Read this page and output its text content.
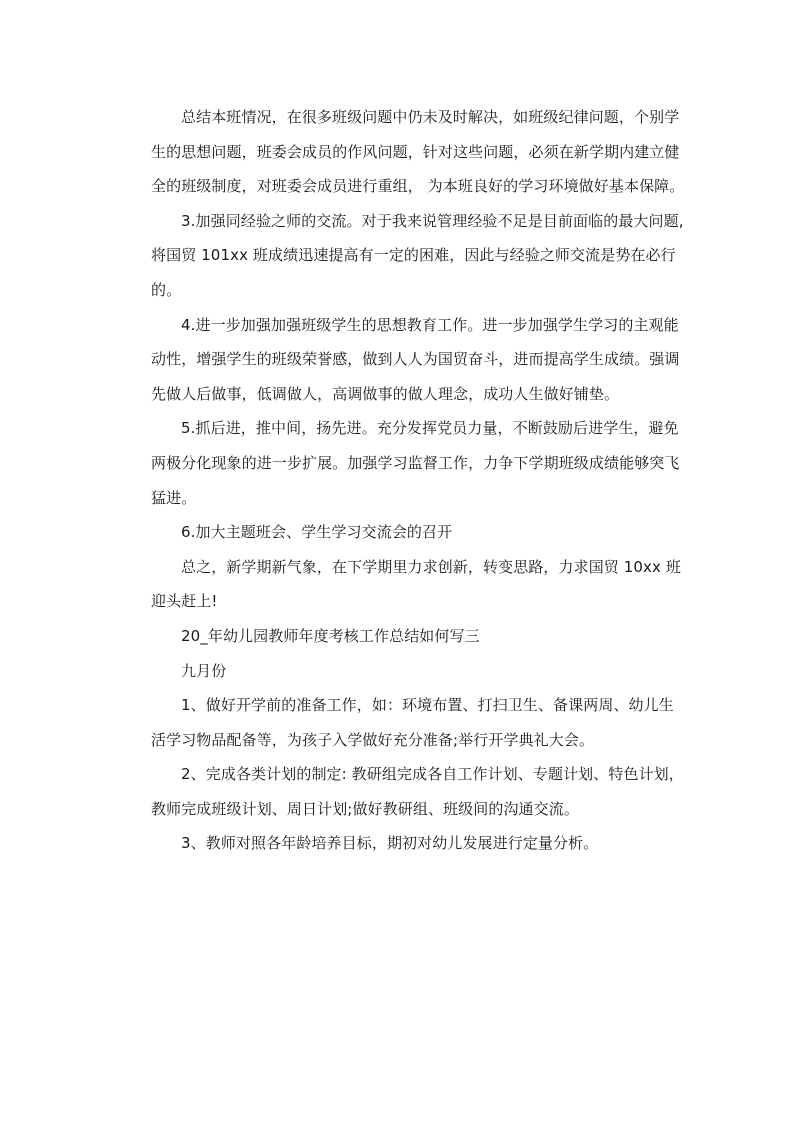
总结本班情况，在很多班级问题中仍未及时解决，如班级纪律问题，个别学
生的思想问题，班委会成员的作风问题，针对这些问题，必须在新学期内建立健
全的班级制度，对班委会成员进行重组， 为本班良好的学习环境做好基本保障。
3.加强同经验之师的交流。对于我来说管理经验不足是目前面临的最大问题,
将国贸 101xx 班成绩迅速提高有一定的困难，因此与经验之师交流是势在必行
的。
4.进一步加强加强班级学生的思想教育工作。进一步加强学生学习的主观能
动性，增强学生的班级荣誉感，做到人人为国贸奋斗，进而提高学生成绩。强调
先做人后做事，低调做人，高调做事的做人理念，成功人生做好铺垫。
5.抓后进，推中间，扬先进。充分发挥党员力量，不断鼓励后进学生，避免
两极分化现象的进一步扩展。加强学习监督工作，力争下学期班级成绩能够突飞
猛进。
6.加大主题班会、学生学习交流会的召开
总之，新学期新气象，在下学期里力求创新，转变思路，力求国贸 10xx 班
迎头赶上!
20_年幼儿园教师年度考核工作总结如何写三
九月份
1、做好开学前的准备工作，如：环境布置、打扫卫生、备课两周、幼儿生
活学习物品配备等，为孩子入学做好充分准备;举行开学典礼大会。
2、完成各类计划的制定: 教研组完成各自工作计划、专题计划、特色计划，
教师完成班级计划、周日计划;做好教研组、班级间的沟通交流。
3、教师对照各年龄培养目标，期初对幼儿发展进行定量分析。
